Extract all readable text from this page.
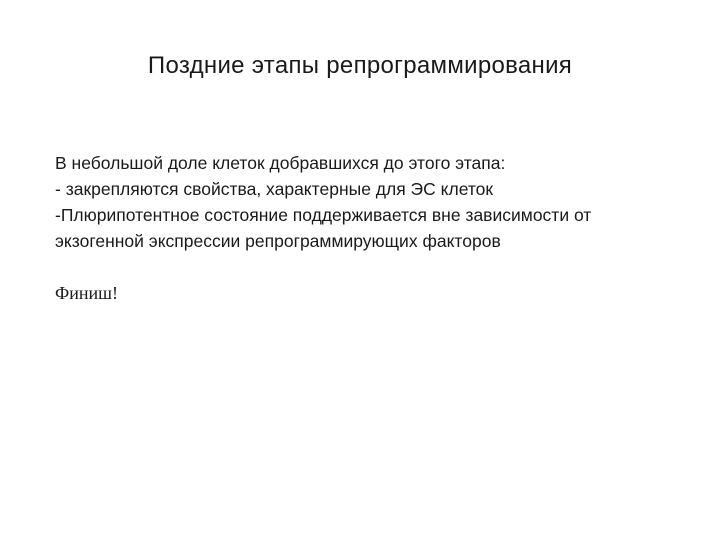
Поздние этапы репрограммирования
В небольшой доле клеток добравшихся до этого этапа:
- закрепляются свойства, характерные для ЭС клеток
-Плюрипотентное состояние поддерживается вне зависимости от
экзогенной экспрессии репрограммирующих факторов
Финиш!
